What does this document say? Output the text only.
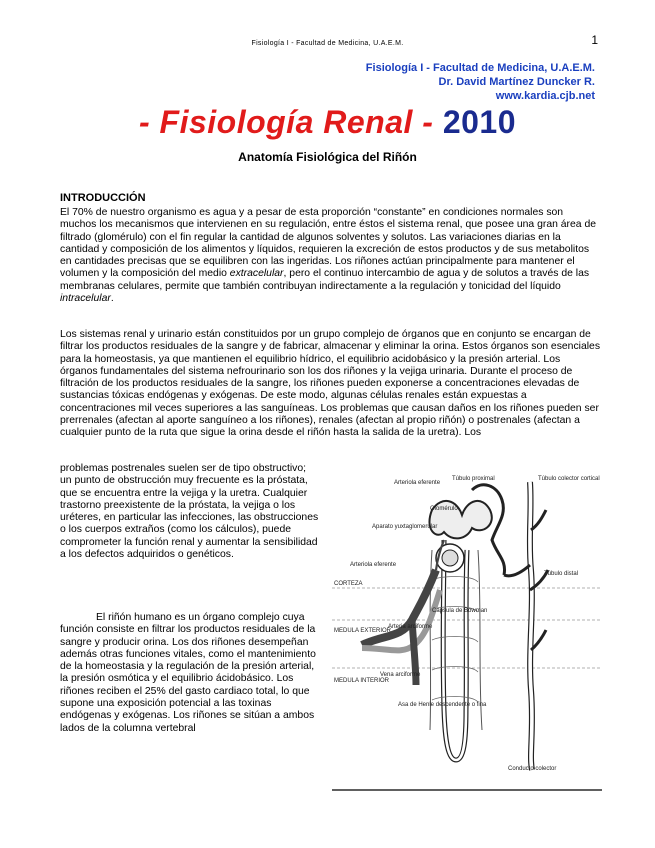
Fisiología I - Facultad de Medicina, U.A.E.M.	1
Fisiología I - Facultad de Medicina, U.A.E.M.
Dr. David Martínez Duncker R.
www.kardia.cjb.net
- Fisiología Renal - 2010
Anatomía Fisiológica del Riñón
INTRODUCCIÓN
El 70% de nuestro organismo es agua y a pesar de esta proporción “constante” en condiciones normales son muchos los mecanismos que intervienen en su regulación, entre éstos el sistema renal, que posee una gran área de filtrado (glomérulo) con el fin regular la cantidad de algunos solventes y solutos. Las variaciones diarias en la cantidad y composición de los alimentos y líquidos, requieren la excreción de estos productos y de sus metabolitos en cantidades precisas que se equilibren con las ingeridas. Los riñones actúan principalmente para mantener el volumen y la composición del medio extracelular, pero el continuo intercambio de agua y de solutos a través de las membranas celulares, permite que también contribuyan indirectamente a la regulación y tonicidad del líquido intracelular.
Los sistemas renal y urinario están constituidos por un grupo complejo de órganos que en conjunto se encargan de filtrar los productos residuales de la sangre y de fabricar, almacenar y eliminar la orina. Estos órganos son esenciales para la homeostasis, ya que mantienen el equilibrio hídrico, el equilibrio acidobásico y la presión arterial. Los órganos fundamentales del sistema nefrourinario son los dos riñones y la vejiga urinaria. Durante el proceso de filtración de los productos residuales de la sangre, los riñones pueden exponerse a concentraciones elevadas de sustancias tóxicas endógenas y exógenas. De este modo, algunas células renales están expuestas a concentraciones mil veces superiores a las sanguíneas. Los problemas que causan daños en los riñones pueden ser prerrenales (afectan al aporte sanguíneo a los riñones), renales (afectan al propio riñón) o postrenales (afectan a cualquier punto de la ruta que sigue la orina desde el riñón hasta la salida de la uretra). Los
problemas postrenales suelen ser de tipo obstructivo; un punto de obstrucción muy frecuente es la próstata, que se encuentra entre la vejiga y la uretra. Cualquier trastorno preexistente de la próstata, la vejiga o los uréteres, en particular las infecciones, las obstrucciones o los cuerpos extraños (como los cálculos), puede comprometer la función renal y aumentar la sensibilidad a los defectos adquiridos o genéticos.
El riñón humano es un órgano complejo cuya función consiste en filtrar los productos residuales de la sangre y producir orina. Los dos riñones desempeñan además otras funciones vitales, como el mantenimiento de la homeostasia y la regulación de la presión arterial, la presión osmótica y el equilibrio ácidobásico. Los riñones reciben el 25% del gasto cardiaco total, lo que supone una exposición potencial a las toxinas endógenas y exógenas. Los riñones se sitúan a ambos lados de la columna vertebral
CORTEZA
MEDULA EXTERIOR
MEDULA INTERIOR
Arteriola eferente
Túbulo proximal	Túbulo colector cortical
Glomérulo
Aparato yuxtaglomerular
Arteriola eferente
Túbulo distal
Cápsula de Bowman
Arteria arciforme
Vena arciforme
Asa de Henle descendente o fina
Conducto colector
